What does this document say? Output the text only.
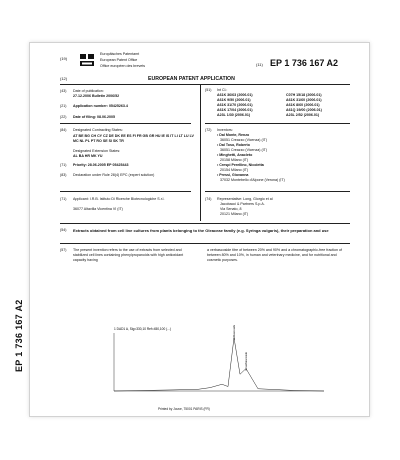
(19)
Europäisches Patentamt
European Patent Office
Office européen des brevets	(11) EP 1 736 167 A2
(12)	EUROPEAN PATENT APPLICATION
(43) Date of publication:
27.12.2006 Bulletin 2006/52
(21) Application number: 05425263.4
(22) Date of filing: 08.06.2005
(84) Designated Contracting States:
AT BE BG CH CY CZ DE DK EE ES FI FR GB GR HU IE IS IT LI LT LU LV MC NL PL PT RO SE SI SK TR
Designated Extension States:
AL BA HR MK YU
(71) Priority: 28.06.2005 EP 05425443
(83) Declaration under Rule 28(4) EPC (expert solution)
(71) Applicant: I.R.B. Istituto Di Ricerche Biotecnologiche S.r.l.
36077 Altavilla Vicentina VI (IT)
(51) Int Cl.:
A61K 36/63 (2006.01)
A61K 9/50 (2006.01)
A61K 31/70 (2006.01)
A61K 17/04 (2006.01)
A23L 1/30 (2006.01)
C07H 15/18 (2006.01)
A61K 31/60 (2006.01)
A61K 8/60 (2006.01)
A61Q 19/00 (2006.01)
A23L 2/52 (2006.01)
(72) Inventors:
• Dal Monte, Renzo
36051 Creazzo (Vicenza) (IT)
• Dal Toso, Roberto
36051 Creazzo (Vicenza) (IT)
• Minghetti, Anacleto
20158 Milano (IT)
• Crespi Perellino, Nicoletta
20154 Milano (IT)
• Pressi, Giovanna
37032 Montebello d'Alpone (Verona) (IT)
(74) Representative: Long, Giorgio et al
Jacobacci & Partners S.p.A.
Via Senato, 8
20121 Milano (IT)
(54) Extracts obtained from cell line cultures from plants belonging to the Oleaceae family (e.g. Syringa vulgaris), their preparation and use
(57) The present invention refers to the use of extracts from selected and stabilized cell lines containing phenylpropanoids with high antioxidant capacity having
a verbascoside titre of between 20% and 90% and a chromatographic-free fraction of between 80% and 10%, in human and veterinary medicine, and for nutritional and cosmetic purposes.
1 DAD1 A, Sig=330,10 Ref=450,100 (...)	verbascoside
isoverbascoside
Printed by Jouve, 75001 PARIS (FR)
EP 1 736 167 A2
